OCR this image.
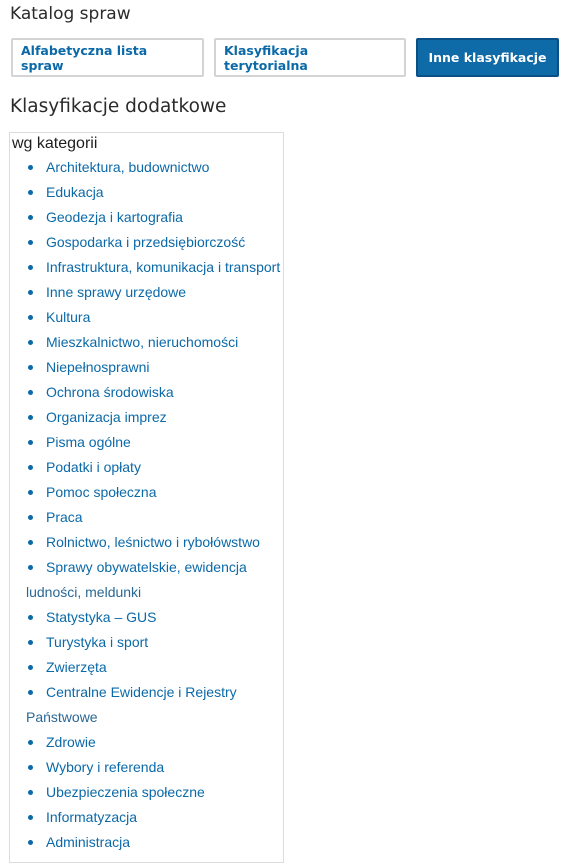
Katalog spraw
Alfabetyczna lista spraw
Klasyfikacja terytorialna	Inne klasyfikacje
Klasyfikacje dodatkowe
wg kategorii
Architektura, budownictwo
Edukacja
Geodezja i kartografia
Gospodarka i przedsiębiorczość
Infrastruktura, komunikacja i transport
Inne sprawy urzędowe
Kultura
Mieszkalnictwo, nieruchomości
Niepełnosprawni
Ochrona środowiska
Organizacja imprez
Pisma ogólne
Podatki i opłaty
Pomoc społeczna
Praca
Rolnictwo, leśnictwo i rybołówstwo
Sprawy obywatelskie, ewidencja
ludności, meldunki
Statystyka – GUS
Turystyka i sport
Zwierzęta
Centralne Ewidencje i Rejestry
Państwowe
Zdrowie
Wybory i referenda
Ubezpieczenia społeczne
Informatyzacja
Administracja
